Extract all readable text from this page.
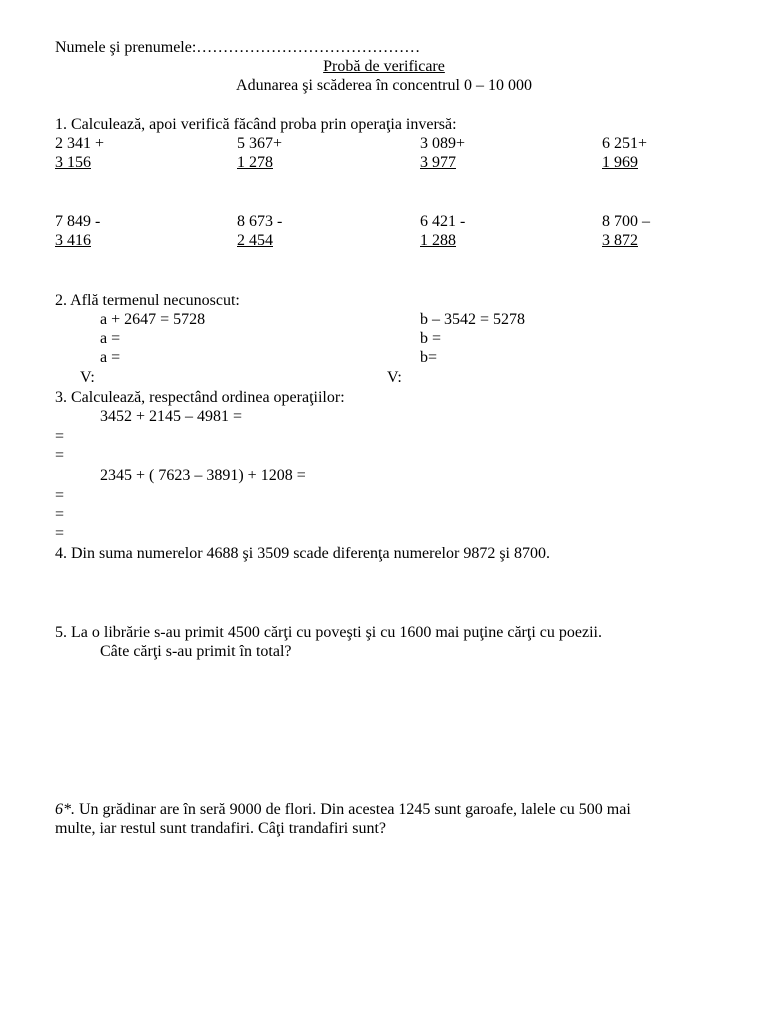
Numele şi prenumele:……………………………………
Probă de verificare
Adunarea şi scăderea în concentrul 0 – 10 000
1. Calculează, apoi verifică făcând proba prin operaţia inversă:
2 341 +
3 156
5 367+
1 278
3 089+
3 977
6 251+
1 969
7 849 -
3 416
8 673 -
2 454
6 421 -
1 288
8 700 –
3 872
2. Află termenul necunoscut:
a + 2647 = 5728
a =
a =
b – 3542 = 5278
b =
b=
V:	V:
3. Calculează, respectând ordinea operaţiilor:
3452 + 2145 – 4981 =
=
=
2345 + ( 7623 – 3891) + 1208 =
=
=
=
4. Din suma numerelor 4688 şi 3509 scade diferenţa numerelor 9872 şi 8700.
5. La o librărie s-au primit 4500 cărţi cu poveşti şi cu 1600 mai puţine cărţi cu poezii.
Câte cărţi s-au primit în total?
6*. Un grădinar are în seră 9000 de flori. Din acestea 1245 sunt garoafe, lalele cu 500 mai
multe, iar restul sunt trandafiri. Câţi trandafiri sunt?
